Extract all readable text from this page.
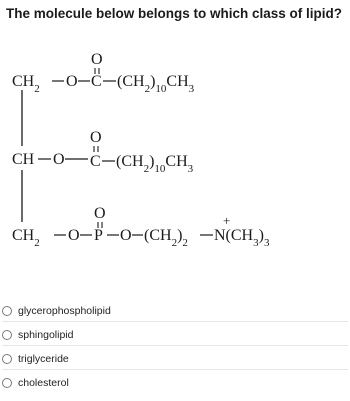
The molecule below belongs to which class of lipid?
$CH_2$ O
O
C $(CH_2)_{10}CH_3$
CH O
O
C $(CH_2)_{10}CH_3$
$CH_2$ O
O
P O $(CH_2)_2$
+
$N(CH_3)_3$
glycerophospholipid
sphingolipid
triglyceride
cholesterol
